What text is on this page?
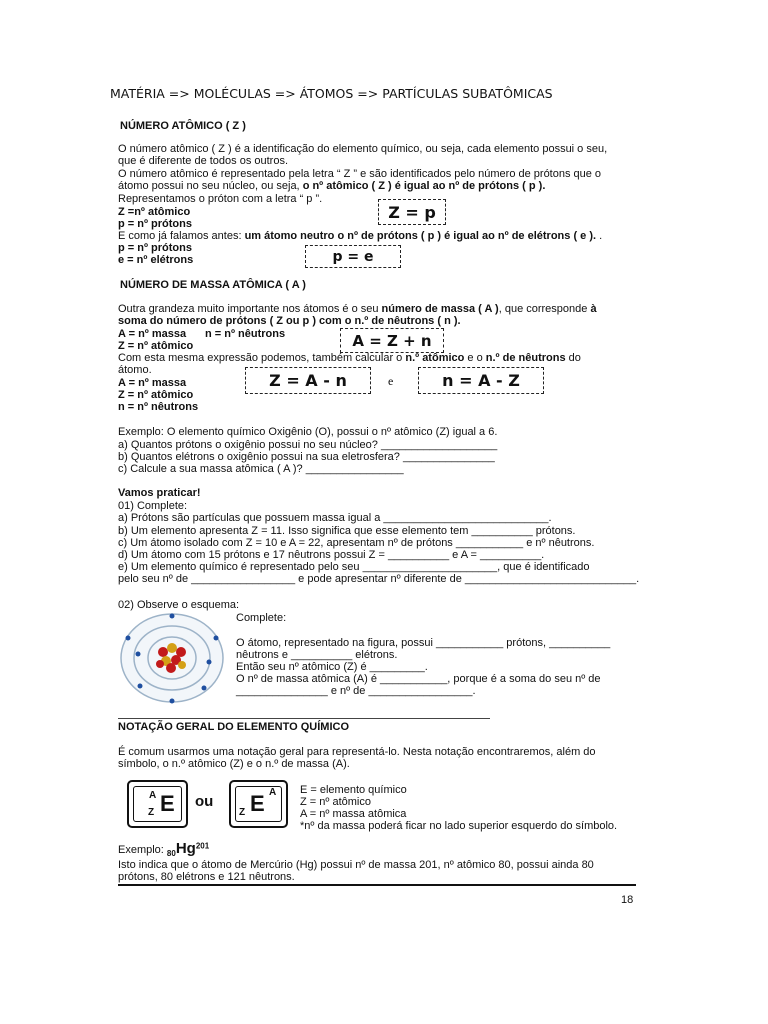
MATÉRIA => MOLÉCULAS => ÁTOMOS => PARTÍCULAS SUBATÔMICAS
NÚMERO ATÔMICO ( Z )
O número atômico ( Z ) é a identificação do elemento químico, ou seja, cada elemento possui o seu,
que é diferente de todos os outros.
O número atômico é representado pela letra “ Z ” e são identificados pelo número de prótons que o
átomo possui no seu núcleo, ou seja, o nº atômico ( Z ) é igual ao nº de prótons ( p ).
Representamos o próton com a letra “ p ”.
Z =nº atômico
p = nº prótons
Z = p
E como já falamos antes: um átomo neutro o nº de prótons ( p ) é igual ao nº de elétrons ( e ). .
p = nº prótons
e = nº elétrons	p = e
NÚMERO DE MASSA ATÔMICA ( A )
Outra grandeza muito importante nos átomos é o seu número de massa ( A ), que corresponde à
soma do número de prótons ( Z ou p ) com o n.º de nêutrons ( n ).
A = nº massa n = nº nêutrons
Z = nº atômico	A = Z + n
Com esta mesma expressão podemos, também calcular o n.º atômico e o n.º de nêutrons do
átomo.
A = nº massa
Z = nº atômico
n = nº nêutrons
Z = A - n	e	n = A - Z
Exemplo: O elemento químico Oxigênio (O), possui o nº atômico (Z) igual a 6.
a) Quantos prótons o oxigênio possui no seu núcleo? ___________________
b) Quantos elétrons o oxigênio possui na sua eletrosfera? _______________
c) Calcule a sua massa atômica ( A )? ________________
Vamos praticar!
01) Complete:
a) Prótons são partículas que possuem massa igual a ___________________________.
b) Um elemento apresenta Z = 11. Isso significa que esse elemento tem __________ prótons.
c) Um átomo isolado com Z = 10 e A = 22, apresentam nº de prótons ___________ e nº nêutrons.
d) Um átomo com 15 prótons e 17 nêutrons possui Z = __________ e A = __________.
e) Um elemento químico é representado pelo seu ______________________, que é identificado
pelo seu nº de _________________ e pode apresentar nº diferente de ____________________________.
02) Observe o esquema:
Complete:
O átomo, representado na figura, possui ___________ prótons, __________
nêutrons e __________ elétrons.
Então seu nº atômico (Z) é _________.
O nº de massa atômica (A) é ___________, porque é a soma do seu nº de
_______________ e nº de _________________.
NOTAÇÃO GERAL DO ELEMENTO QUÍMICO
É comum usarmos uma notação geral para representá-lo. Nesta notação encontraremos, além do
símbolo, o n.º atômico (Z) e o n.º de massa (A).
A
Z E ou
Z E A E = elemento químico
Z = nº atômico
A = nº massa atômica
*nº da massa poderá ficar no lado superior esquerdo do símbolo.
Exemplo: $_{80}Hg^{201}$
Isto indica que o átomo de Mercúrio (Hg) possui nº de massa 201, nº atômico 80, possui ainda 80
prótons, 80 elétrons e 121 nêutrons.
18
